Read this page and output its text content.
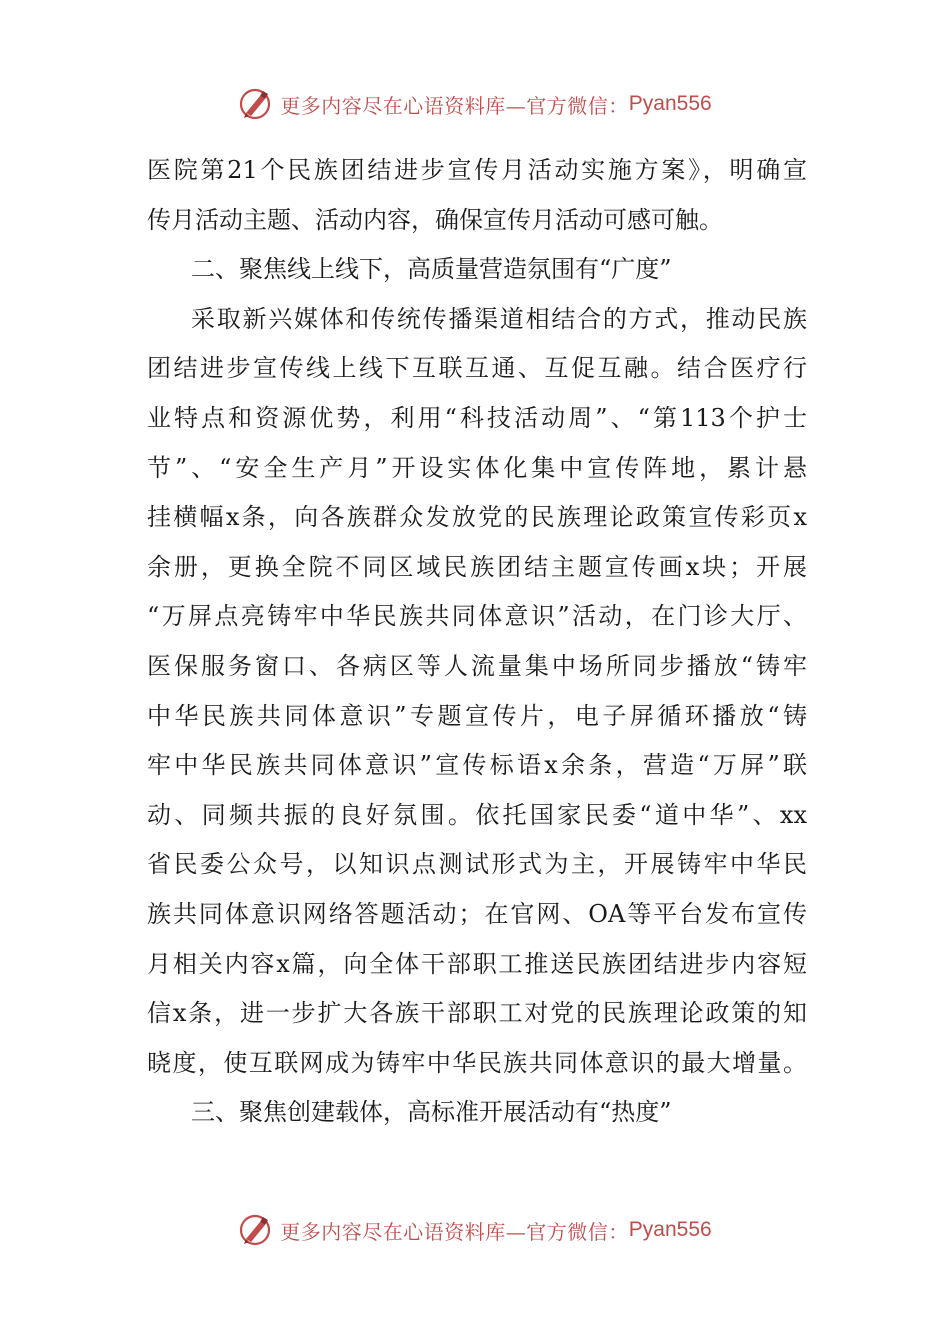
更多内容尽在心语资料库—官方微信： Pyan556
医院第21个民族团结进步宣传月活动实施方案》，明确宣
传月活动主题、活动内容，确保宣传月活动可感可触。
二、聚焦线上线下，高质量营造氛围有“广度”
采取新兴媒体和传统传播渠道相结合的方式，推动民族
团结进步宣传线上线下互联互通、互促互融。结合医疗行
业特点和资源优势，利用“科技活动周”、“第113个护士
节”、“安全生产月”开设实体化集中宣传阵地，累计悬
挂横幅x条，向各族群众发放党的民族理论政策宣传彩页x
余册，更换全院不同区域民族团结主题宣传画x块；开展
“万屏点亮铸牢中华民族共同体意识”活动，在门诊大厅、
医保服务窗口、各病区等人流量集中场所同步播放“铸牢
中华民族共同体意识”专题宣传片，电子屏循环播放“铸
牢中华民族共同体意识”宣传标语x余条，营造“万屏”联
动、同频共振的良好氛围。依托国家民委“道中华”、xx
省民委公众号，以知识点测试形式为主，开展铸牢中华民
族共同体意识网络答题活动；在官网、OA等平台发布宣传
月相关内容x篇，向全体干部职工推送民族团结进步内容短
信x条，进一步扩大各族干部职工对党的民族理论政策的知
晓度，使互联网成为铸牢中华民族共同体意识的最大增量。
三、聚焦创建载体，高标准开展活动有“热度”
更多内容尽在心语资料库—官方微信： Pyan556
